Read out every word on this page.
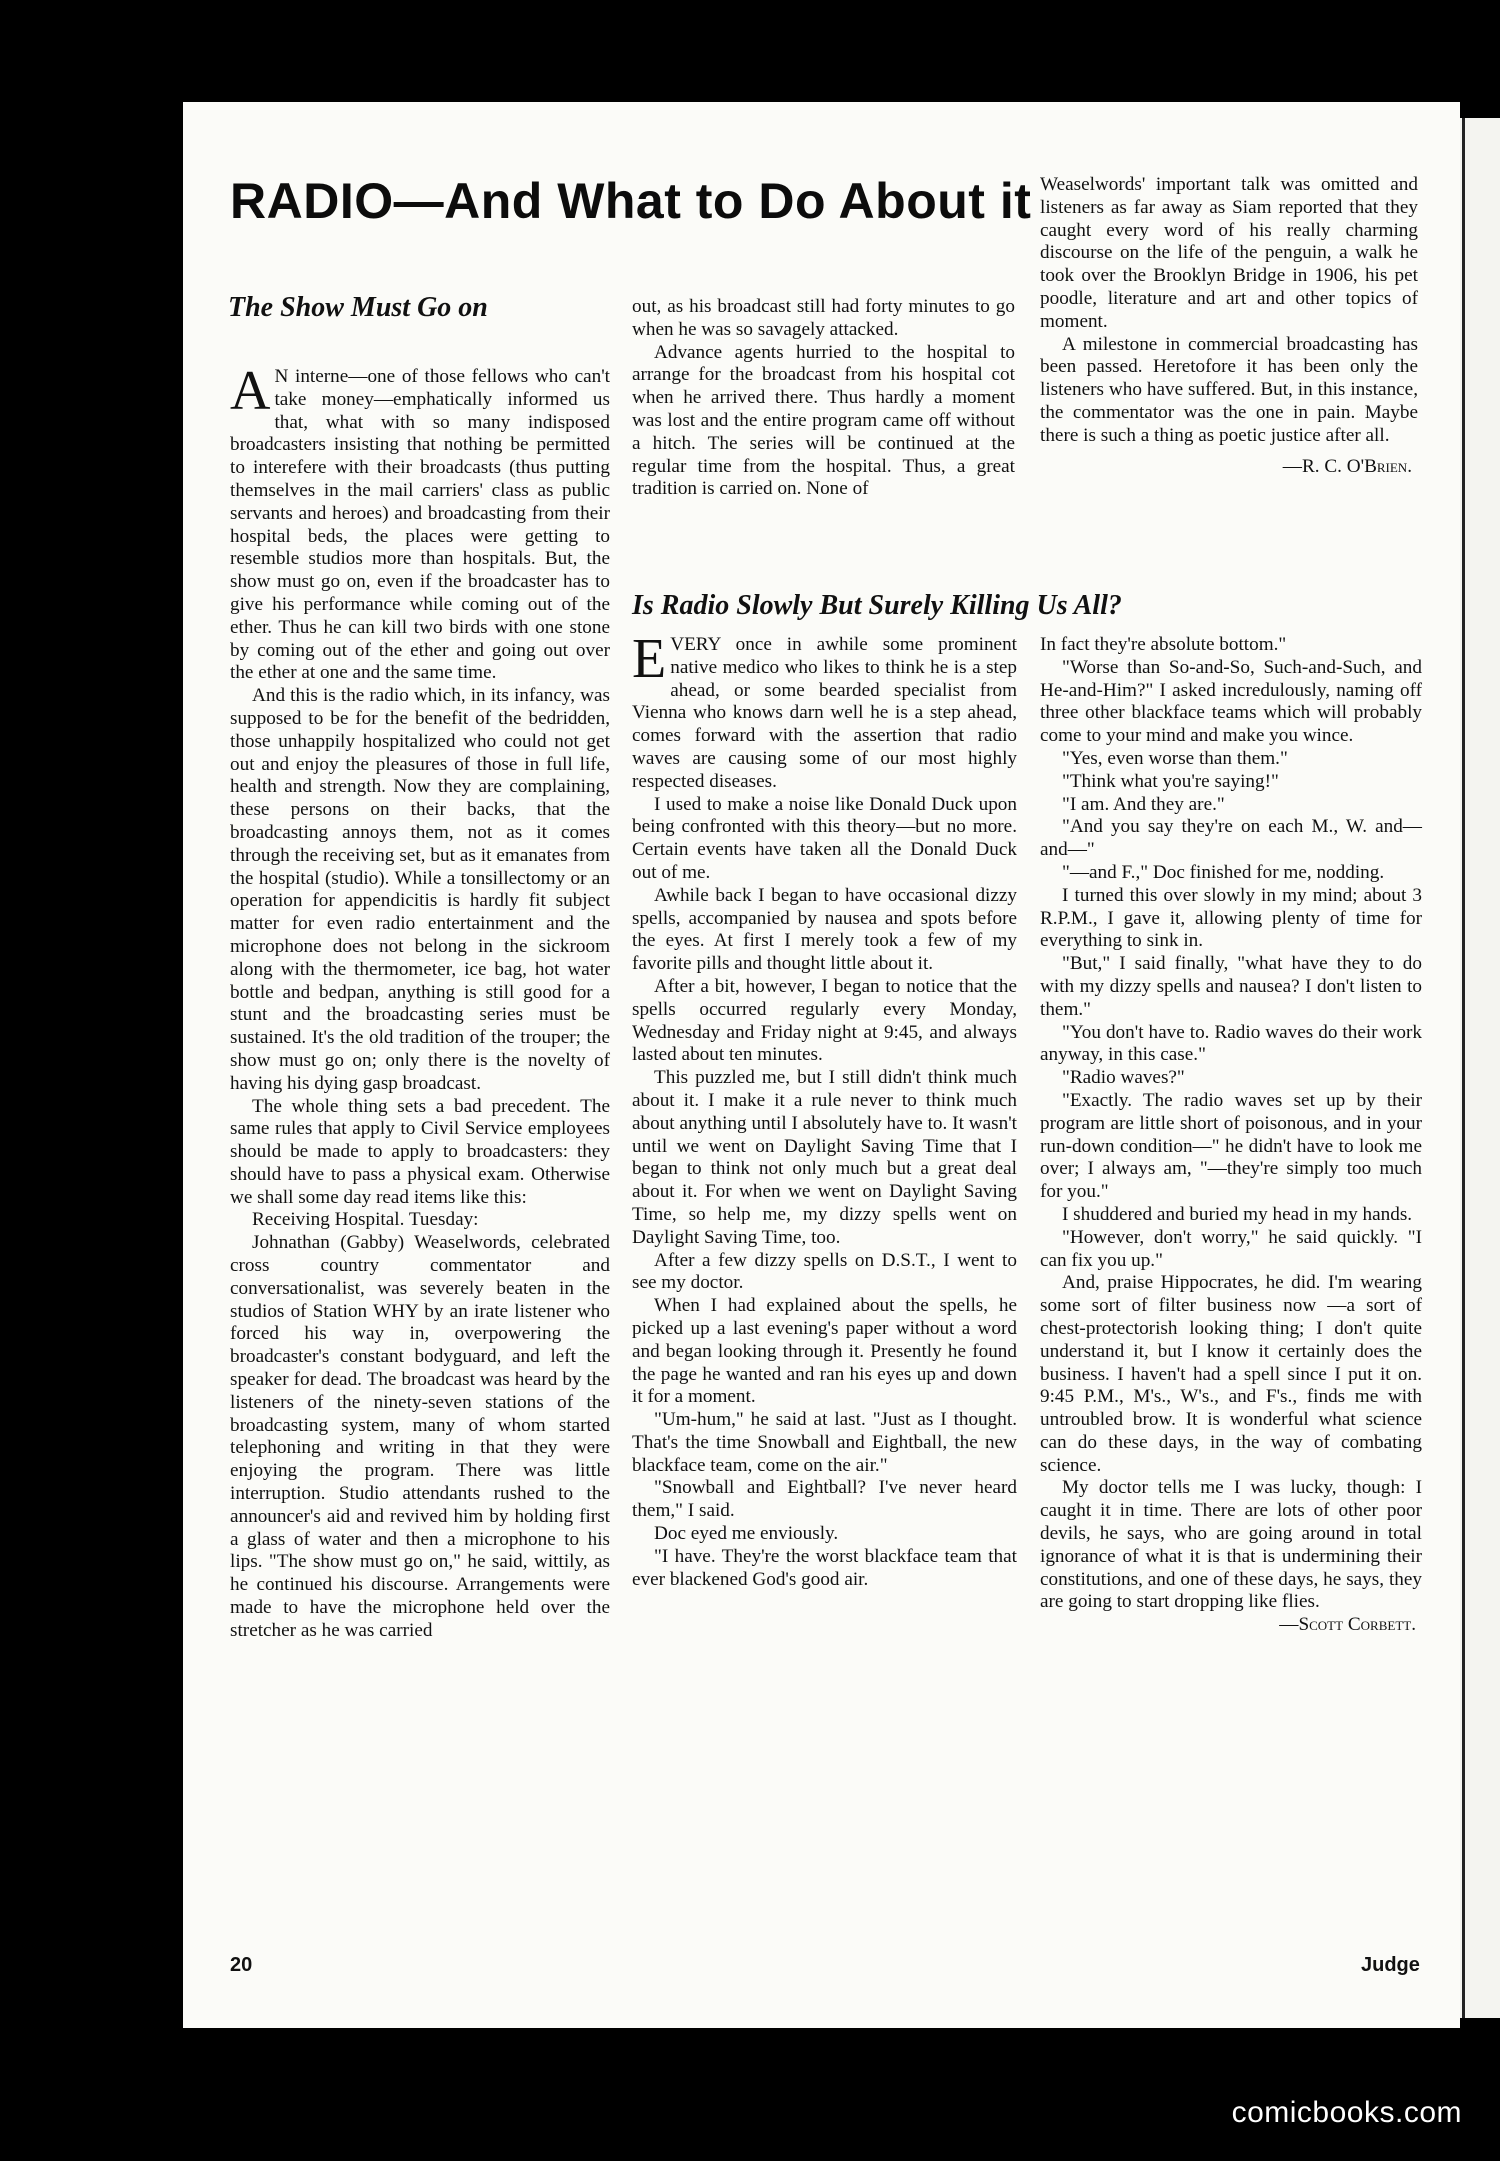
RADIO—And What to Do About it
The Show Must Go on

A N interne—one of those fellows who can't take money—emphatically informed us that, what with so many indisposed broadcasters insisting that nothing be permitted to interefere with their broadcasts (thus putting themselves in the mail carriers' class as public servants and heroes) and broadcasting from their hospital beds, the places were getting to resemble studios more than hospitals. But, the show must go on, even if the broadcaster has to give his performance while coming out of the ether. Thus he can kill two birds with one stone by coming out of the ether and going out over the ether at one and the same time.

And this is the radio which, in its infancy, was supposed to be for the benefit of the bedridden, those unhappily hospitalized who could not get out and enjoy the pleasures of those in full life, health and strength. Now they are complaining, these persons on their backs, that the broadcasting annoys them, not as it comes through the receiving set, but as it emanates from the hospital (studio). While a tonsillectomy or an operation for appendicitis is hardly fit subject matter for even radio entertainment and the microphone does not belong in the sickroom along with the thermometer, ice bag, hot water bottle and bedpan, anything is still good for a stunt and the broadcasting series must be sustained. It's the old tradition of the trouper; the show must go on; only there is the novelty of having his dying gasp broadcast.

The whole thing sets a bad precedent. The same rules that apply to Civil Service employees should be made to apply to broadcasters: they should have to pass a physical exam. Otherwise we shall some day read items like this:

Receiving Hospital. Tuesday:

Johnathan (Gabby) Weaselwords, celebrated cross country commentator and conversationalist, was severely beaten in the studios of Station WHY by an irate listener who forced his way in, overpowering the broadcaster's constant bodyguard, and left the speaker for dead. The broadcast was heard by the listeners of the ninety-seven stations of the broadcasting system, many of whom started telephoning and writing in that they were enjoying the program. There was little interruption. Studio attendants rushed to the announcer's aid and revived him by holding first a glass of water and then a microphone to his lips. "The show must go on," he said, wittily, as he continued his discourse. Arrangements were made to have the microphone held over the stretcher as he was carried

out, as his broadcast still had forty minutes to go when he was so savagely attacked.

Advance agents hurried to the hospital to arrange for the broadcast from his hospital cot when he arrived there. Thus hardly a moment was lost and the entire program came off without a hitch. The series will be continued at the regular time from the hospital. Thus, a great tradition is carried on. None of

Weaselwords' important talk was omitted and listeners as far away as Siam reported that they caught every word of his really charming discourse on the life of the penguin, a walk he took over the Brooklyn Bridge in 1906, his pet poodle, literature and art and other topics of moment.

A milestone in commercial broadcasting has been passed. Heretofore it has been only the listeners who have suffered. But, in this instance, the commentator was the one in pain. Maybe there is such a thing as poetic justice after all.

—R. C. O'Brien.

Is Radio Slowly But Surely Killing Us All?

EVERY once in awhile some prominent native medico who likes to think he is a step ahead, or some bearded specialist from Vienna who knows darn well he is a step ahead, comes forward with the assertion that radio waves are causing some of our most highly respected diseases.

I used to make a noise like Donald Duck upon being confronted with this theory—but no more. Certain events have taken all the Donald Duck out of me.

Awhile back I began to have occasional dizzy spells, accompanied by nausea and spots before the eyes. At first I merely took a few of my favorite pills and thought little about it.

After a bit, however, I began to notice that the spells occurred regularly every Monday, Wednesday and Friday night at 9:45, and always lasted about ten minutes.

This puzzled me, but I still didn't think much about it. I make it a rule never to think much about anything until I absolutely have to. It wasn't until we went on Daylight Saving Time that I began to think not only much but a great deal about it. For when we went on Daylight Saving Time, so help me, my dizzy spells went on Daylight Saving Time, too.

After a few dizzy spells on D.S.T., I went to see my doctor.

When I had explained about the spells, he picked up a last evening's paper without a word and began looking through it. Presently he found the page he wanted and ran his eyes up and down it for a moment.

"Um-hum," he said at last. "Just as I thought. That's the time Snowball and Eightball, the new blackface team, come on the air."

"Snowball and Eightball? I've never heard them," I said.

Doc eyed me enviously.

"I have. They're the worst blackface team that ever blackened God's good air.

In fact they're absolute bottom."

"Worse than So-and-So, Such-and-Such, and He-and-Him?" I asked incredulously, naming off three other blackface teams which will probably come to your mind and make you wince.

"Yes, even worse than them."

"Think what you're saying!"

"I am. And they are."

"And you say they're on each M., W. and—and—"

"—and F.," Doc finished for me, nodding.

I turned this over slowly in my mind; about 3 R.P.M., I gave it, allowing plenty of time for everything to sink in.

"But," I said finally, "what have they to do with my dizzy spells and nausea? I don't listen to them."

"You don't have to. Radio waves do their work anyway, in this case."

"Radio waves?"

"Exactly. The radio waves set up by their program are little short of poisonous, and in your run-down condition—" he didn't have to look me over; I always am, "—they're simply too much for you."

I shuddered and buried my head in my hands.

"However, don't worry," he said quickly. "I can fix you up."

And, praise Hippocrates, he did. I'm wearing some sort of filter business now —a sort of chest-protectorish looking thing; I don't quite understand it, but I know it certainly does the business. I haven't had a spell since I put it on. 9:45 P.M., M's., W's., and F's., finds me with untroubled brow. It is wonderful what science can do these days, in the way of combating science.

My doctor tells me I was lucky, though: I caught it in time. There are lots of other poor devils, he says, who are going around in total ignorance of what it is that is undermining their constitutions, and one of these days, he says, they are going to start dropping like flies.

—Scott Corbett.

20	Judge
comicbooks.com
